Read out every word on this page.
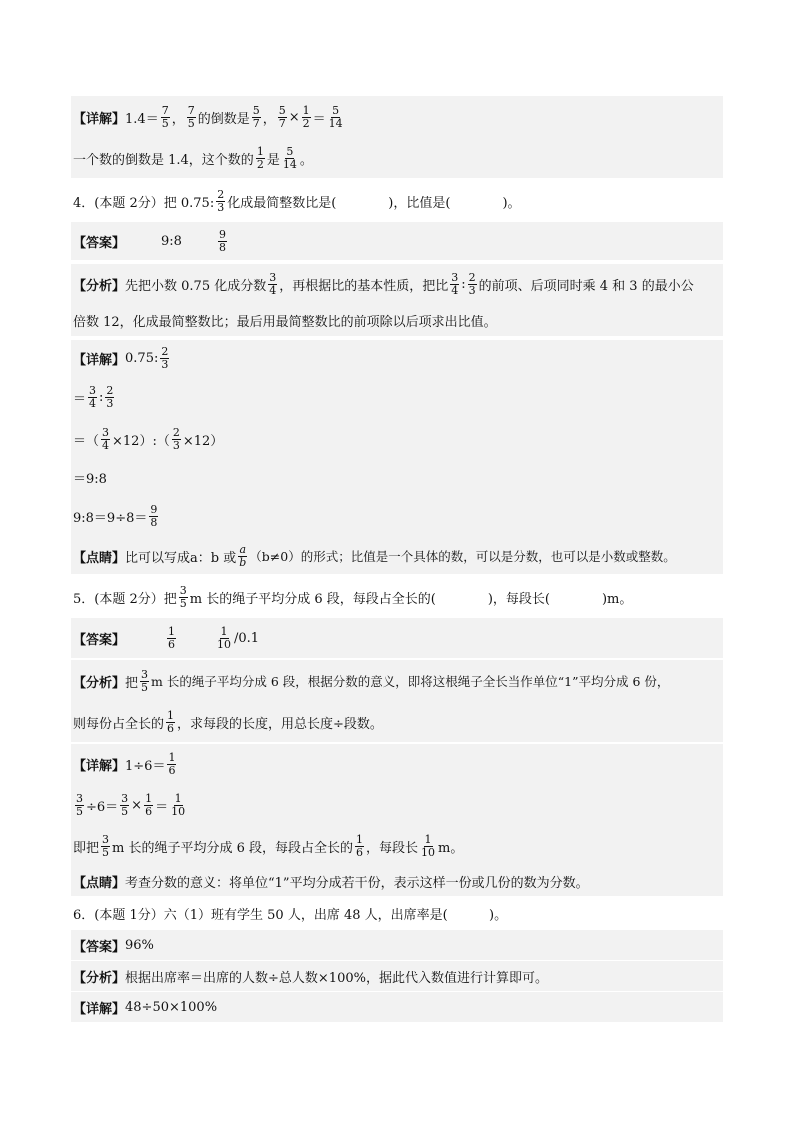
【详解】 $1.4= \frac{7}{5}$ ， $\frac{7}{5}$ 的倒数是 $\frac{5}{7}$ ， $\frac{5}{7} \times \frac{1}{2} = \frac{5}{14}$
一个数的倒数是 1.4，这个数的 $\frac{1}{2}$ 是 $\frac{5}{14}$ 。
4．(本题 2分）把 0.75: $\frac{2}{3}$ 化成最简整数比是(	)，比值是(	)。
【答案】	9:8	$\frac{9}{8}$
【分析】 先把小数 0.75 化成分数 $\frac{3}{4}$ ，再根据比的基本性质，把比 $\frac{3}{4}$ : $\frac{2}{3}$ 的前项、后项同时乘 4 和 3 的最小公
倍数 12，化成最简整数比；最后用最简整数比的前项除以后项求出比值。
【详解】 0.75: $\frac{2}{3}$
＝ $\frac{3}{4}$ : $\frac{2}{3}$
＝（ $\frac{3}{4}$ ×12）:（ $\frac{2}{3} \times 12$）
＝9:8
9:8＝9÷8＝ $\frac{9}{8}$
【点睛】 比可以写成a：b 或 $\frac{a}{b} (b\ne 0)$的形式；比值是一个具体的数，可以是分数，也可以是小数或整数。
5．(本题 2分）把 $\frac{3}{5}$ m 长的绳子平均分成 6 段，每段占全长的(	)，每段长(	)m。
【答案】	$\frac{1}{6}$	$\frac{1}{10} /0.1$
【分析】 把 $\frac{3}{5}$ m 长的绳子平均分成 6 段，根据分数的意义，即将这根绳子全长当作单位“1”平均分成 6 份，
则每份占全长的 $\frac{1}{6}$ ，求每段的长度，用总长度÷段数。
【详解】 $1\div 6= \frac{1}{6}$
$\frac{3}{5} \div 6= \frac{3}{5} \times \frac{1}{6} = \frac{1}{10}$
即把 $\frac{3}{5}$ m 长的绳子平均分成 6 段，每段占全长的 $\frac{1}{6}$ ，每段长 $\frac{1}{10}$ m。
【点睛】 考查分数的意义：将单位“1”平均分成若干份，表示这样一份或几份的数为分数。
6．(本题 1分）六（1）班有学生 50 人，出席 48 人，出席率是(          )。
【答案】 96%
【分析】 根据出席率＝出席的人数÷总人数×100%，据此代入数值进行计算即可。
【详解】 48÷50×100%
